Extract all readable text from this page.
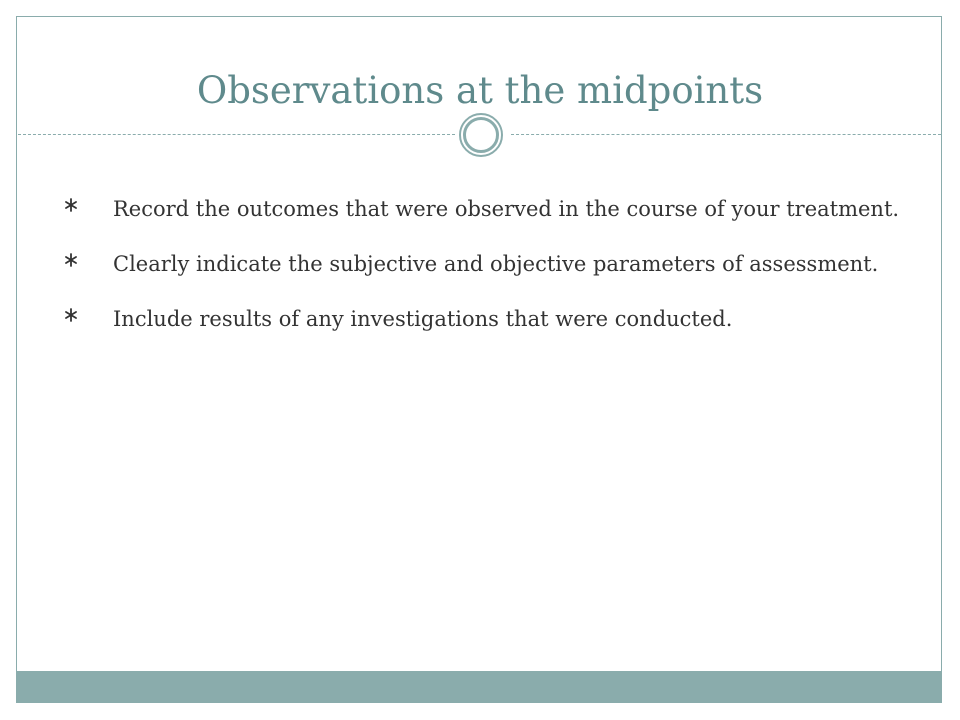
Observations at the midpoints
Record the outcomes that were observed in the course of your treatment.
Clearly indicate the subjective and objective parameters of assessment.
Include results of any investigations that were conducted.
